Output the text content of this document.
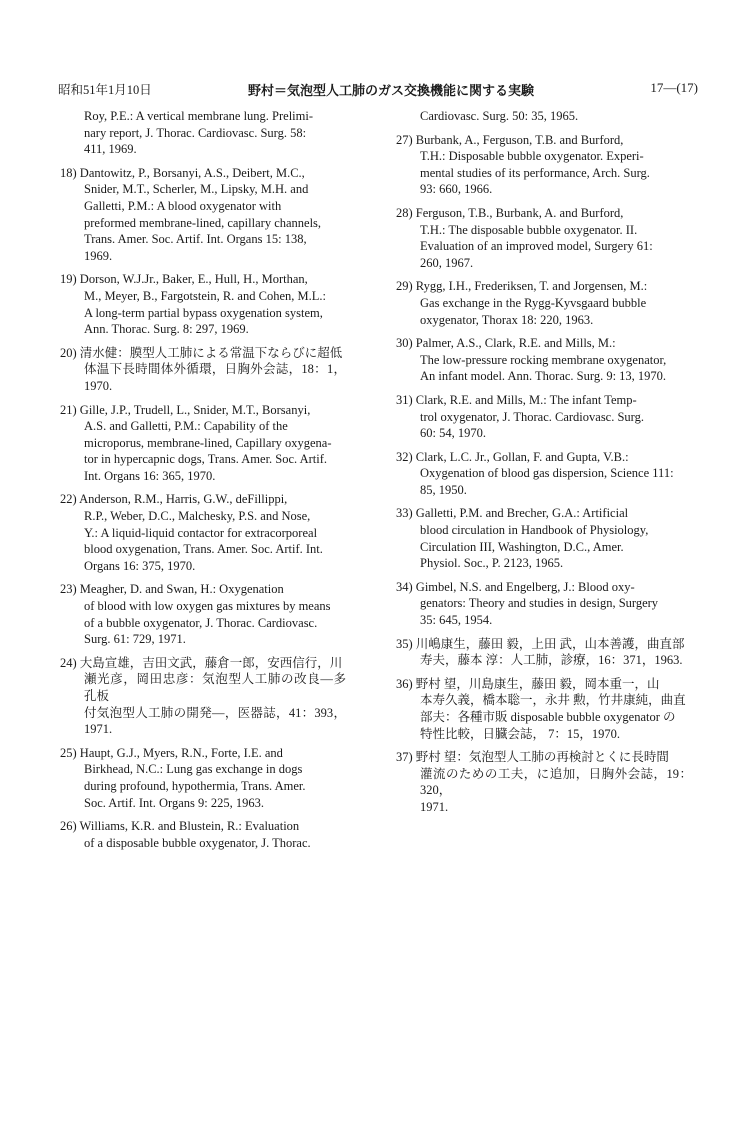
昭和51年1月10日	野村＝気泡型人工肺のガス交換機能に関する実験	17—(17)

Roy, P.E.: A vertical membrane lung. Prelimi-
nary report, J. Thorac. Cardiovasc. Surg. 58:
411, 1969.

18) Dantowitz, P., Borsanyi, A.S., Deibert, M.C.,
Snider, M.T., Scherler, M., Lipsky, M.H. and
Galletti, P.M.: A blood oxygenator with
preformed membrane-lined, capillary channels,
Trans. Amer. Soc. Artif. Int. Organs 15: 138,
1969.

19) Dorson, W.J.Jr., Baker, E., Hull, H., Morthan,
M., Meyer, B., Fargotstein, R. and Cohen, M.L.:
A long-term partial bypass oxygenation system,
Ann. Thorac. Surg. 8: 297, 1969.

20) 清水健：膜型人工肺による常温下ならびに超低
体温下長時間体外循環，日胸外会誌，18：1，1970.

21) Gille, J.P., Trudell, L., Snider, M.T., Borsanyi,
A.S. and Galletti, P.M.: Capability of the
microporus, membrane-lined, Capillary oxygena-
tor in hypercapnic dogs, Trans. Amer. Soc. Artif.
Int. Organs 16: 365, 1970.

22) Anderson, R.M., Harris, G.W., deFillippi,
R.P., Weber, D.C., Malchesky, P.S. and Nose,
Y.: A liquid-liquid contactor for extracorporeal
blood oxygenation, Trans. Amer. Soc. Artif. Int.
Organs 16: 375, 1970.

23) Meagher, D. and Swan, H.: Oxygenation
of blood with low oxygen gas mixtures by means
of a bubble oxygenator, J. Thorac. Cardiovasc.
Surg. 61: 729, 1971.

24) 大島宣雄，吉田文武，藤倉一郎，安西信行，川
瀬光彦，岡田忠彦：気泡型人工肺の改良―多孔板
付気泡型人工肺の開発―，医器誌，41：393，1971.

25) Haupt, G.J., Myers, R.N., Forte, I.E. and
Birkhead, N.C.: Lung gas exchange in dogs
during profound, hypothermia, Trans. Amer.
Soc. Artif. Int. Organs 9: 225, 1963.

26) Williams, K.R. and Blustein, R.: Evaluation
of a disposable bubble oxygenator, J. Thorac.

Cardiovasc. Surg. 50: 35, 1965.

27) Burbank, A., Ferguson, T.B. and Burford,
T.H.: Disposable bubble oxygenator. Experi-
mental studies of its performance, Arch. Surg.
93: 660, 1966.

28) Ferguson, T.B., Burbank, A. and Burford,
T.H.: The disposable bubble oxygenator. II.
Evaluation of an improved model, Surgery 61:
260, 1967.

29) Rygg, I.H., Frederiksen, T. and Jorgensen, M.:
Gas exchange in the Rygg-Kyvsgaard bubble
oxygenator, Thorax 18: 220, 1963.

30) Palmer, A.S., Clark, R.E. and Mills, M.:
The low-pressure rocking membrane oxygenator,
An infant model. Ann. Thorac. Surg. 9: 13, 1970.

31) Clark, R.E. and Mills, M.: The infant Temp-
trol oxygenator, J. Thorac. Cardiovasc. Surg.
60: 54, 1970.

32) Clark, L.C. Jr., Gollan, F. and Gupta, V.B.:
Oxygenation of blood gas dispersion, Science 111:
85, 1950.

33) Galletti, P.M. and Brecher, G.A.: Artificial
blood circulation in Handbook of Physiology,
Circulation III, Washington, D.C., Amer.
Physiol. Soc., P. 2123, 1965.

34) Gimbel, N.S. and Engelberg, J.: Blood oxy-
genators: Theory and studies in design, Surgery
35: 645, 1954.

35) 川嶋康生，藤田 毅，上田 武，山本善護，曲直部
寿夫，藤本 淳：人工肺，診療，16：371，1963.

36) 野村 望，川島康生，藤田 毅，岡本重一，山
本寿久義，橋本聡一，永井 勲，竹井康純，曲直
部夫：各種市販 disposable bubble oxygenator の
特性比較，日臓会誌， 7：15，1970.

37) 野村 望：気泡型人工肺の再検討とくに長時間
灌流のための工夫，に追加，日胸外会誌，19：320，
1971.
